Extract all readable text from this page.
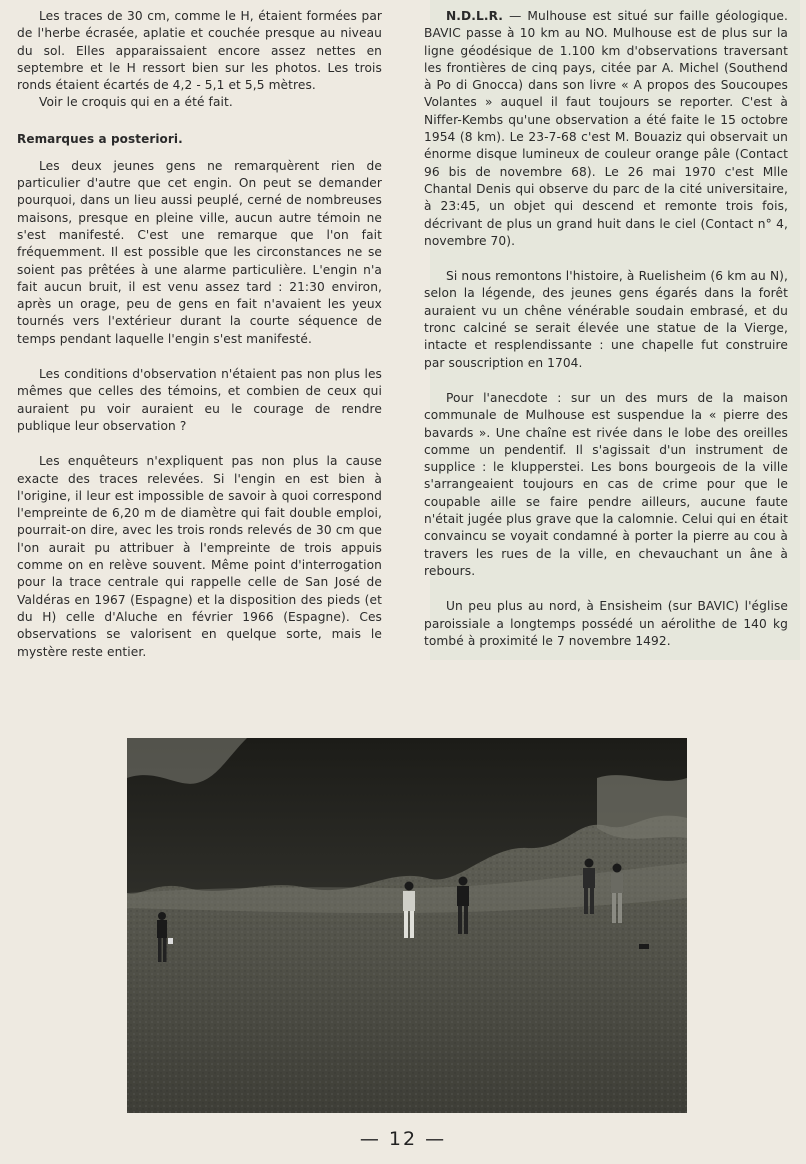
Les traces de 30 cm, comme le H, étaient formées par de l'herbe écrasée, aplatie et couchée presque au niveau du sol. Elles apparaissaient encore assez nettes en septembre et le H ressort bien sur les photos. Les trois ronds étaient écartés de 4,2 - 5,1 et 5,5 mètres.

Voir le croquis qui en a été fait.

Remarques a posteriori.

Les deux jeunes gens ne remarquèrent rien de particulier d'autre que cet engin. On peut se demander pourquoi, dans un lieu aussi peuplé, cerné de nombreuses maisons, presque en pleine ville, aucun autre témoin ne s'est manifesté. C'est une remarque que l'on fait fréquemment. Il est possible que les circonstances ne se soient pas prêtées à une alarme particulière. L'engin n'a fait aucun bruit, il est venu assez tard : 21:30 environ, après un orage, peu de gens en fait n'avaient les yeux tournés vers l'extérieur durant la courte séquence de temps pendant laquelle l'engin s'est manifesté.

Les conditions d'observation n'étaient pas non plus les mêmes que celles des témoins, et combien de ceux qui auraient pu voir auraient eu le courage de rendre publique leur observation ?

Les enquêteurs n'expliquent pas non plus la cause exacte des traces relevées. Si l'engin en est bien à l'origine, il leur est impossible de savoir à quoi correspond l'empreinte de 6,20 m de diamètre qui fait double emploi, pourrait-on dire, avec les trois ronds relevés de 30 cm que l'on aurait pu attribuer à l'empreinte de trois appuis comme on en relève souvent. Même point d'interrogation pour la trace centrale qui rappelle celle de San José de Valdéras en 1967 (Espagne) et la disposition des pieds (et du H) celle d'Aluche en février 1966 (Espagne). Ces observations se valorisent en quelque sorte, mais le mystère reste entier.

N.D.L.R. — Mulhouse est situé sur faille géologique. BAVIC passe à 10 km au NO. Mulhouse est de plus sur la ligne géodésique de 1.100 km d'observations traversant les frontières de cinq pays, citée par A. Michel (Southend à Po di Gnocca) dans son livre « A propos des Soucoupes Volantes » auquel il faut toujours se reporter. C'est à Niffer-Kembs qu'une observation a été faite le 15 octobre 1954 (8 km). Le 23-7-68 c'est M. Bouaziz qui observait un énorme disque lumineux de couleur orange pâle (Contact 96 bis de novembre 68). Le 26 mai 1970 c'est Mlle Chantal Denis qui observe du parc de la cité universitaire, à 23:45, un objet qui descend et remonte trois fois, décrivant de plus un grand huit dans le ciel (Contact n° 4, novembre 70).

Si nous remontons l'histoire, à Ruelisheim (6 km au N), selon la légende, des jeunes gens égarés dans la forêt auraient vu un chêne vénérable soudain embrasé, et du tronc calciné se serait élevée une statue de la Vierge, intacte et resplendissante : une chapelle fut construire par souscription en 1704.

Pour l'anecdote : sur un des murs de la maison communale de Mulhouse est suspendue la « pierre des bavards ». Une chaîne est rivée dans le lobe des oreilles comme un pendentif. Il s'agissait d'un instrument de supplice : le klupperstei. Les bons bourgeois de la ville s'arrangeaient toujours en cas de crime pour que le coupable aille se faire pendre ailleurs, aucune faute n'était jugée plus grave que la calomnie. Celui qui en était convaincu se voyait condamné à porter la pierre au cou à travers les rues de la ville, en chevauchant un âne à rebours.

Un peu plus au nord, à Ensisheim (sur BAVIC) l'église paroissiale a longtemps possédé un aérolithe de 140 kg tombé à proximité le 7 novembre 1492.

— 12 —
